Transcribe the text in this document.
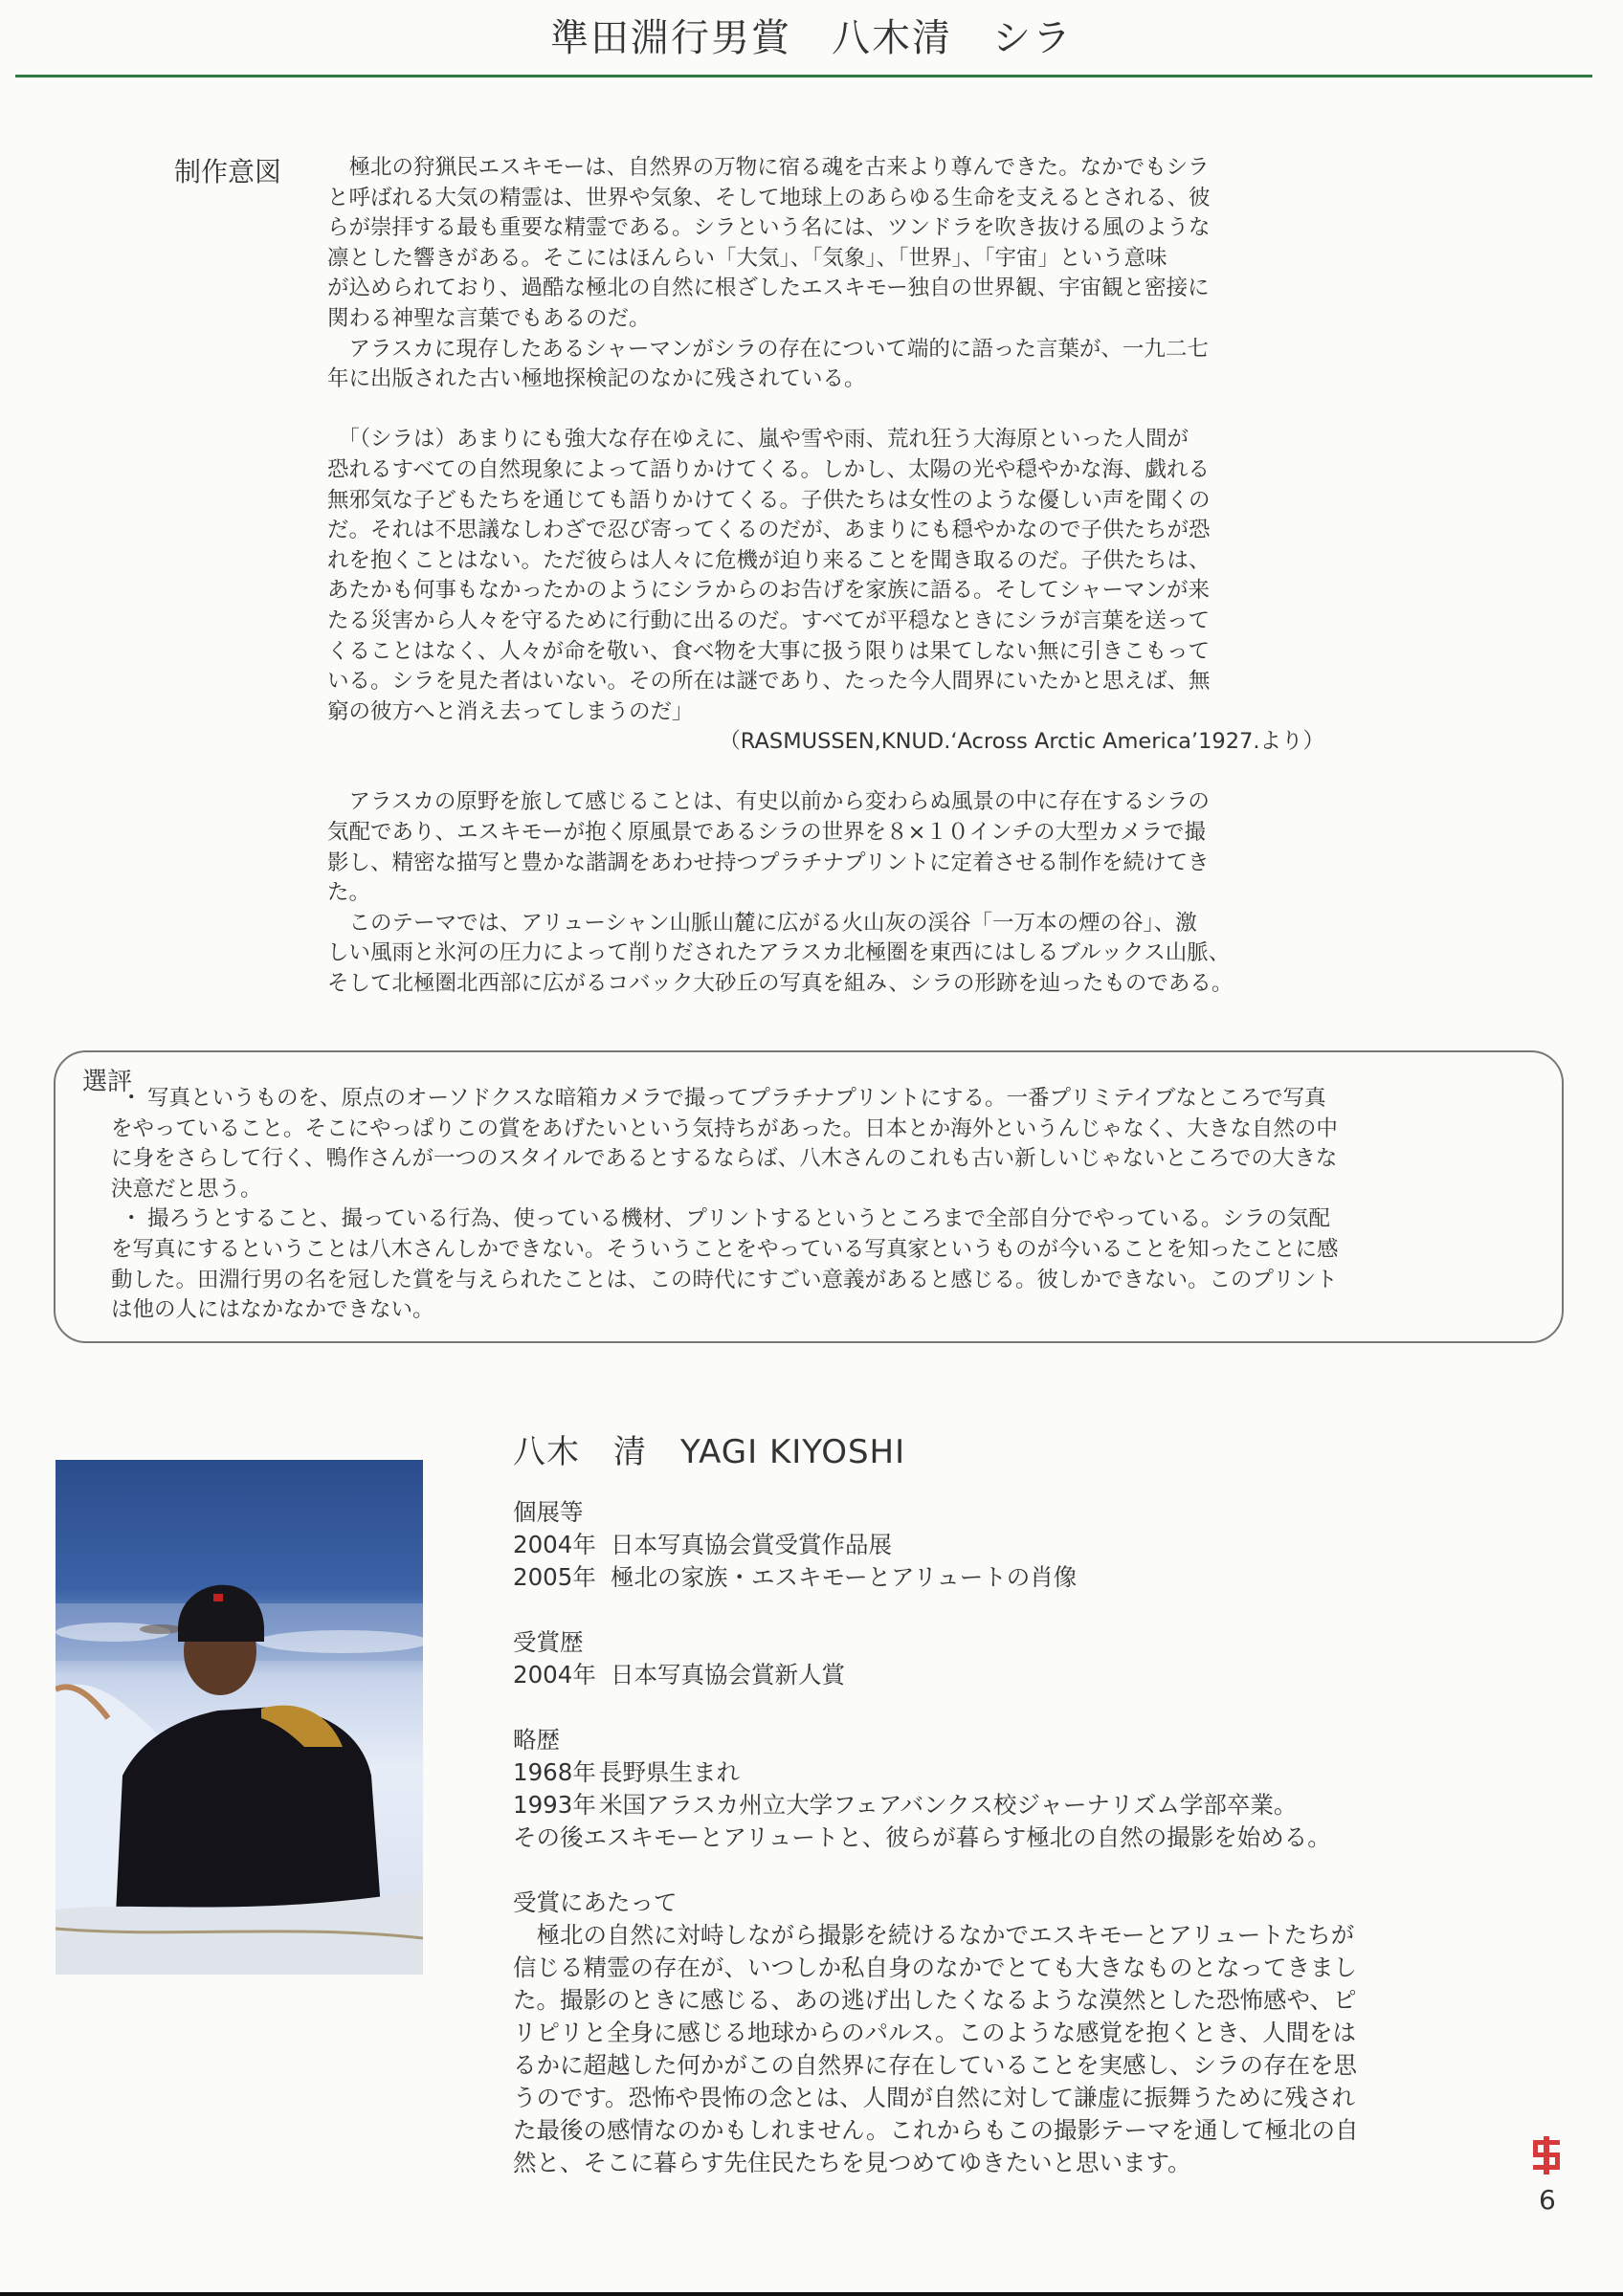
準田淵行男賞　八木清　シラ
制作意図 　極北の狩猟民エスキモーは、自然界の万物に宿る魂を古来より尊んできた。なかでもシラ

と呼ばれる大気の精霊は、世界や気象、そして地球上のあらゆる生命を支えるとされる、彼

らが崇拝する最も重要な精霊である。シラという名には、ツンドラを吹き抜ける風のような

凛とした響きがある。そこにはほんらい「大気」、「気象」、「世界」、「宇宙」という意味

が込められており、過酷な極北の自然に根ざしたエスキモー独自の世界観、宇宙観と密接に

関わる神聖な言葉でもあるのだ。

　アラスカに現存したあるシャーマンがシラの存在について端的に語った言葉が、一九二七

年に出版された古い極地探検記のなかに残されている。

　「（シラは）あまりにも強大な存在ゆえに、嵐や雪や雨、荒れ狂う大海原といった人間が

恐れるすべての自然現象によって語りかけてくる。しかし、太陽の光や穏やかな海、戯れる

無邪気な子どもたちを通じても語りかけてくる。子供たちは女性のような優しい声を聞くの

だ。それは不思議なしわざで忍び寄ってくるのだが、あまりにも穏やかなので子供たちが恐

れを抱くことはない。ただ彼らは人々に危機が迫り来ることを聞き取るのだ。子供たちは、

あたかも何事もなかったかのようにシラからのお告げを家族に語る。そしてシャーマンが来

たる災害から人々を守るために行動に出るのだ。すべてが平穏なときにシラが言葉を送って

くることはなく、人々が命を敬い、食べ物を大事に扱う限りは果てしない無に引きこもって

いる。シラを見た者はいない。その所在は謎であり、たった今人間界にいたかと思えば、無

窮の彼方へと消え去ってしまうのだ」

（RASMUSSEN,KNUD.‘Across Arctic America’1927.より）

　アラスカの原野を旅して感じることは、有史以前から変わらぬ風景の中に存在するシラの

気配であり、エスキモーが抱く原風景であるシラの世界を８×１０インチの大型カメラで撮

影し、精密な描写と豊かな諧調をあわせ持つプラチナプリントに定着させる制作を続けてき

た。

　このテーマでは、アリューシャン山脈山麓に広がる火山灰の渓谷「一万本の煙の谷」、激

しい風雨と氷河の圧力によって削りだされたアラスカ北極圏を東西にはしるブルックス山脈、

そして北極圏北西部に広がるコバック大砂丘の写真を組み、シラの形跡を辿ったものである。

選評

・ 写真というものを、原点のオーソドクスな暗箱カメラで撮ってプラチナプリントにする。一番プリミテイブなところで写真

をやっていること。そこにやっぱりこの賞をあげたいという気持ちがあった。日本とか海外というんじゃなく、大きな自然の中

に身をさらして行く、鴨作さんが一つのスタイルであるとするならば、八木さんのこれも古い新しいじゃないところでの大きな

決意だと思う。

・ 撮ろうとすること、撮っている行為、使っている機材、プリントするというところまで全部自分でやっている。シラの気配

を写真にするということは八木さんしかできない。そういうことをやっている写真家というものが今いることを知ったことに感

動した。田淵行男の名を冠した賞を与えられたことは、この時代にすごい意義があると感じる。彼しかできない。このプリント

は他の人にはなかなかできない。

八木　清　YAGI KIYOSHI

個展等

2004年 日本写真協会賞受賞作品展

2005年 極北の家族・エスキモーとアリュートの肖像

受賞歴

2004年 日本写真協会賞新人賞

略歴

1968年 長野県生まれ

1993年 米国アラスカ州立大学フェアバンクス校ジャーナリズム学部卒業。

その後エスキモーとアリュートと、彼らが暮らす極北の自然の撮影を始める。

受賞にあたって

　極北の自然に対峙しながら撮影を続けるなかでエスキモーとアリュートたちが

信じる精霊の存在が、いつしか私自身のなかでとても大きなものとなってきまし

た。撮影のときに感じる、あの逃げ出したくなるような漠然とした恐怖感や、ピ

リピリと全身に感じる地球からのパルス。このような感覚を抱くとき、人間をは

るかに超越した何かがこの自然界に存在していることを実感し、シラの存在を思

うのです。恐怖や畏怖の念とは、人間が自然に対して謙虚に振舞うために残され

た最後の感情なのかもしれません。これからもこの撮影テーマを通して極北の自

然と、そこに暮らす先住民たちを見つめてゆきたいと思います。

6
